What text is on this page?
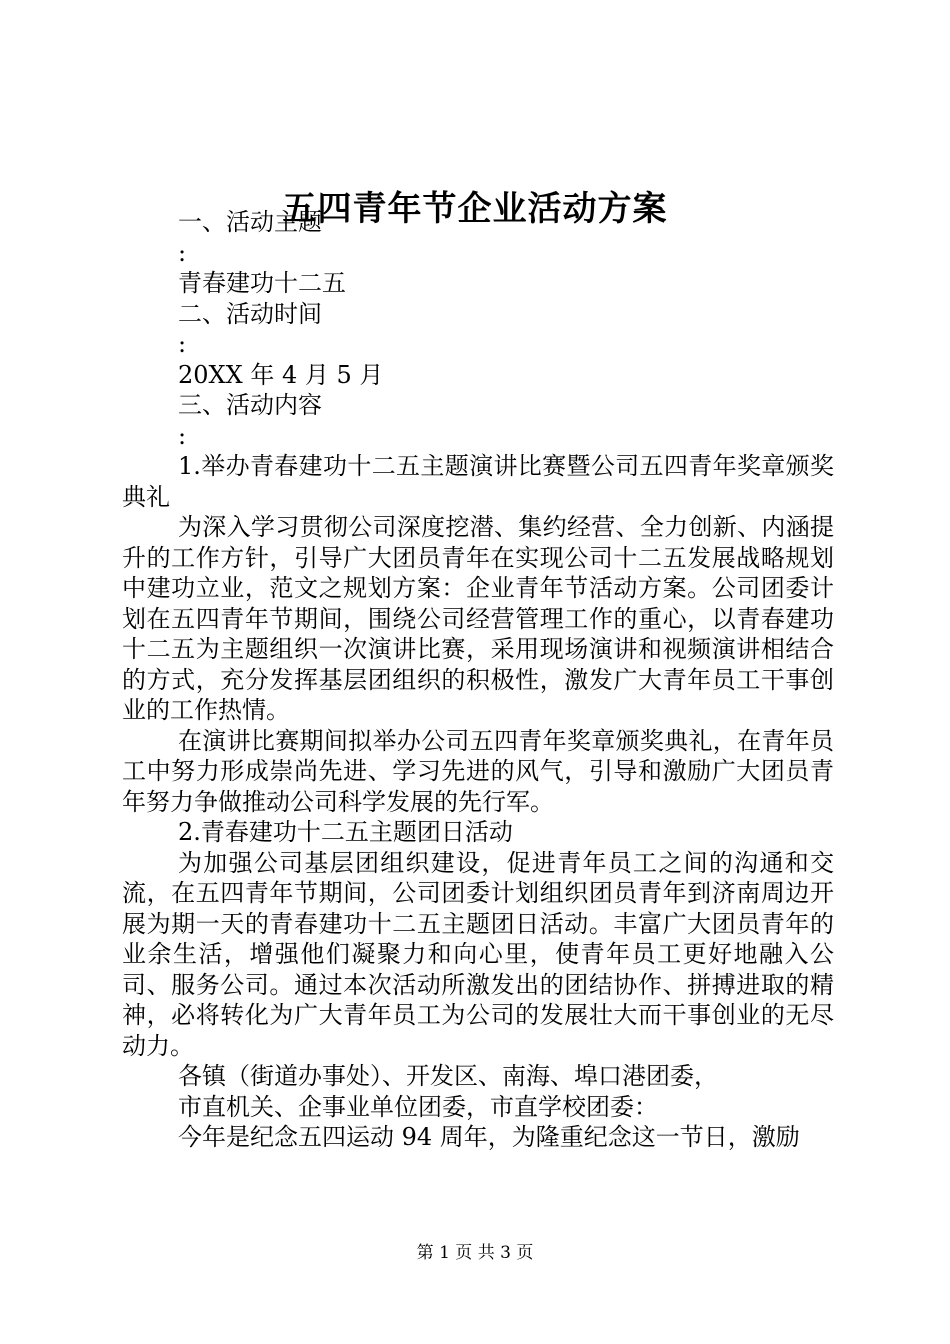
五四青年节企业活动方案
一、活动主题
:
青春建功十二五
二、活动时间
:
20XX 年 4 月 5 月
三、活动内容
:

1.举办青春建功十二五主题演讲比赛暨公司五四青年奖章颁奖典礼

为深入学习贯彻公司深度挖潜、集约经营、全力创新、内涵提升的工作方针，引导广大团员青年在实现公司十二五发展战略规划中建功立业，范文之规划方案：企业青年节活动方案。公司团委计划在五四青年节期间，围绕公司经营管理工作的重心，以青春建功十二五为主题组织一次演讲比赛，采用现场演讲和视频演讲相结合的方式，充分发挥基层团组织的积极性，激发广大青年员工干事创业的工作热情。

在演讲比赛期间拟举办公司五四青年奖章颁奖典礼，在青年员工中努力形成崇尚先进、学习先进的风气，引导和激励广大团员青年努力争做推动公司科学发展的先行军。

2.青春建功十二五主题团日活动

为加强公司基层团组织建设，促进青年员工之间的沟通和交流，在五四青年节期间，公司团委计划组织团员青年到济南周边开展为期一天的青春建功十二五主题团日活动。丰富广大团员青年的业余生活，增强他们凝聚力和向心里，使青年员工更好地融入公司、服务公司。通过本次活动所激发出的团结协作、拼搏进取的精神，必将转化为广大青年员工为公司的发展壮大而干事创业的无尽动力。

各镇（街道办事处）、开发区、南海、埠口港团委，

市直机关、企事业单位团委，市直学校团委：

今年是纪念五四运动 94 周年，为隆重纪念这一节日，激励

第 1 页 共 3 页
